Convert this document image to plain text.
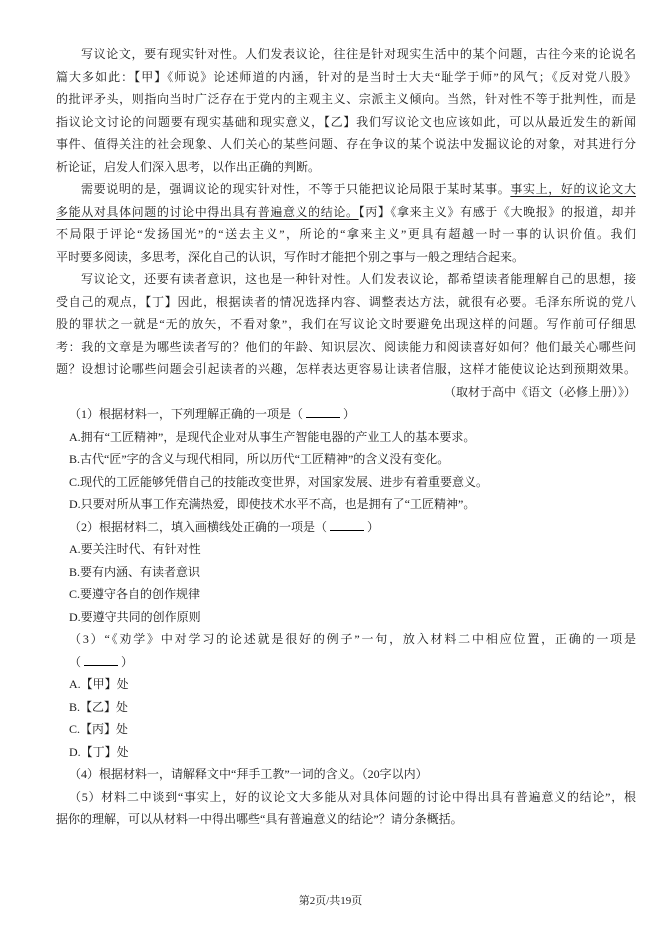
写议论文，要有现实针对性。人们发表议论，往往是针对现实生活中的某个问题，古往今来的论说名
篇大多如此：【甲】《师说》论述师道的内涵，针对的是当时士大夫“耻学于师”的风气；《反对党八股》
的批评矛头，则指向当时广泛存在于党内的主观主义、宗派主义倾向。当然，针对性不等于批判性，而是
指议论文讨论的问题要有现实基础和现实意义，【乙】我们写议论文也应该如此，可以从最近发生的新闻
事件、值得关注的社会现象、人们关心的某些问题、存在争议的某个说法中发掘议论的对象，对其进行分
析论证，启发人们深入思考，以作出正确的判断。
需要说明的是，强调议论的现实针对性，不等于只能把议论局限于某时某事。事实上，好的议论文大
多能从对具体问题的讨论中得出具有普遍意义的结论。【丙】《拿来主义》有感于《大晚报》的报道，却并
不局限于评论“发扬国光”的“送去主义”，所论的“拿来主义”更具有超越一时一事的认识价值。我们
平时要多阅读，多思考，深化自己的认识，写作时才能把个别之事与一般之理结合起来。
写议论文，还要有读者意识，这也是一种针对性。人们发表议论，都希望读者能理解自己的思想，接
受自己的观点，【丁】因此，根据读者的情况选择内容、调整表达方法，就很有必要。毛泽东所说的党八
股的罪状之一就是“无的放矢，不看对象”，我们在写议论文时要避免出现这样的问题。写作前可仔细思
考：我的文章是为哪些读者写的？他们的年龄、知识层次、阅读能力和阅读喜好如何？他们最关心哪些问
题？设想讨论哪些问题会引起读者的兴趣，怎样表达更容易让读者信服，这样才能使议论达到预期效果。
（取材于高中《语文（必修上册）》）
（1）根据材料一，下列理解正确的一项是（	）
A.拥有“工匠精神”，是现代企业对从事生产智能电器的产业工人的基本要求。
B.古代“匠”字的含义与现代相同，所以历代“工匠精神”的含义没有变化。
C.现代的工匠能够凭借自己的技能改变世界，对国家发展、进步有着重要意义。
D.只要对所从事工作充满热爱，即使技术水平不高，也是拥有了“工匠精神”。
（2）根据材料二，填入画横线处正确的一项是（	）
A.要关注时代、有针对性
B.要有内涵、有读者意识
C.要遵守各自的创作规律
D.要遵守共同的创作原则
（3）“《劝学》中对学习的论述就是很好的例子”一句，放入材料二中相应位置，正确的一项是
（	）
A.【甲】处
B.【乙】处
C.【丙】处
D.【丁】处
（4）根据材料一，请解释文中“拜手工教”一词的含义。（20字以内）
（5）材料二中谈到“事实上，好的议论文大多能从对具体问题的讨论中得出具有普遍意义的结论”，根
据你的理解，可以从材料一中得出哪些“具有普遍意义的结论”？请分条概括。
第2页/共19页
